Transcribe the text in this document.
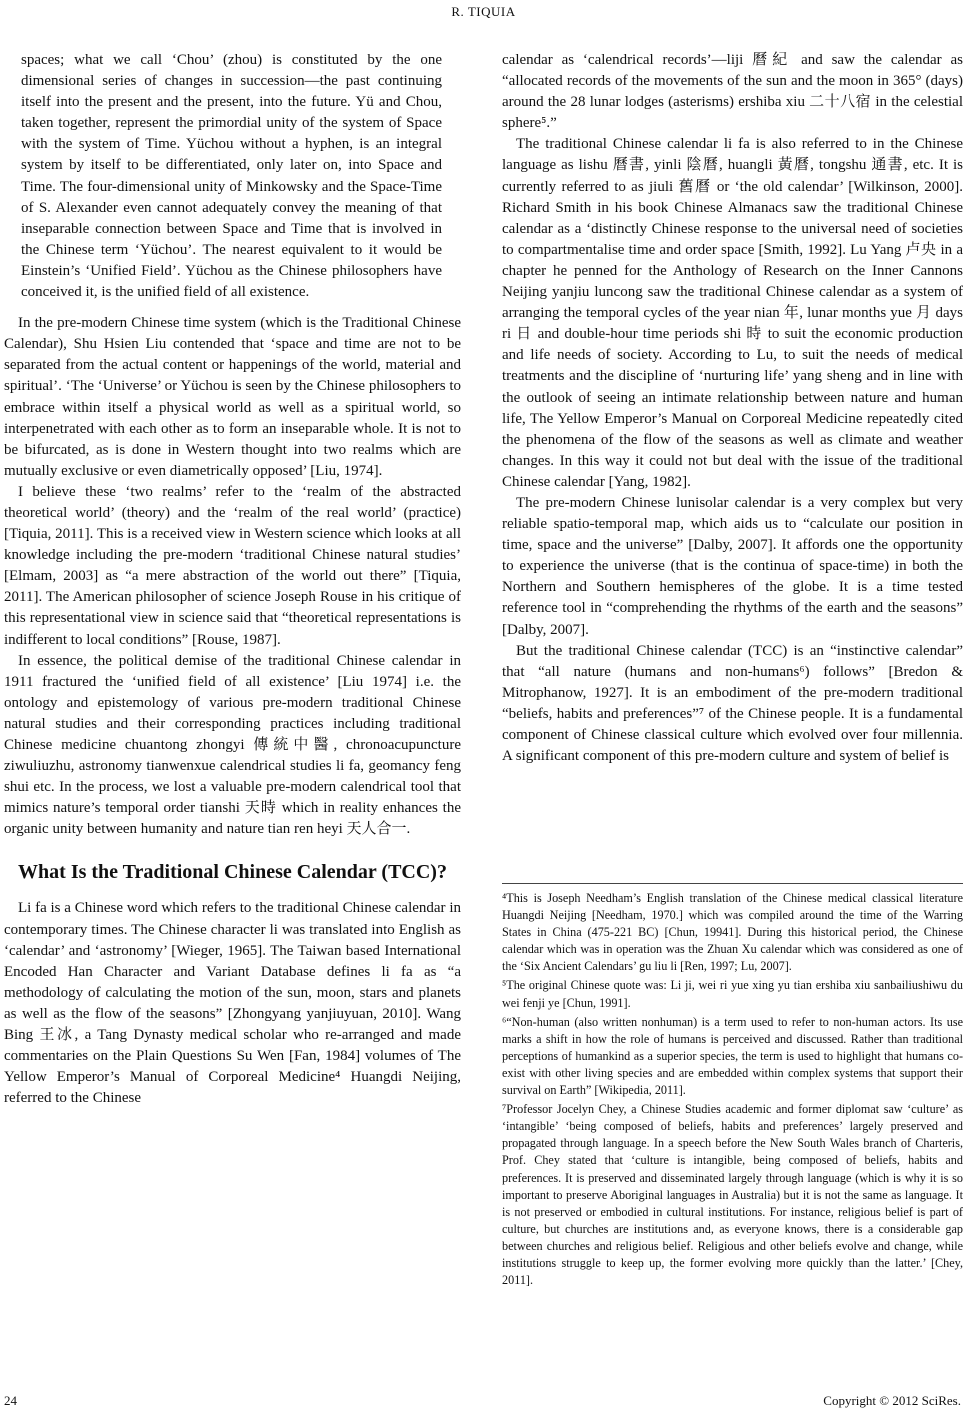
R. TIQUIA

spaces; what we call ‘Chou’ (zhou) is constituted by the one dimensional series of changes in succession—the past continuing itself into the present and the present, into the future. Yü and Chou, taken together, represent the primordial unity of the system of Space with the system of Time. Yüchou without a hyphen, is an integral system by itself to be differentiated, only later on, into Space and Time. The four-dimensional unity of Minkowsky and the Space-Time of S. Alexander even cannot adequately convey the meaning of that inseparable connection between Space and Time that is involved in the Chinese term ‘Yüchou’. The nearest equivalent to it would be Einstein’s ‘Unified Field’. Yüchou as the Chinese philosophers have conceived it, is the unified field of all existence.

In the pre-modern Chinese time system (which is the Traditional Chinese Calendar), Shu Hsien Liu contended that ‘space and time are not to be separated from the actual content or happenings of the world, material and spiritual’. ‘The ‘Universe’ or Yüchou is seen by the Chinese philosophers to embrace within itself a physical world as well as a spiritual world, so interpenetrated with each other as to form an inseparable whole. It is not to be bifurcated, as is done in Western thought into two realms which are mutually exclusive or even diametrically opposed’ [Liu, 1974].

I believe these ‘two realms’ refer to the ‘realm of the abstracted theoretical world’ (theory) and the ‘realm of the real world’ (practice) [Tiquia, 2011]. This is a received view in Western science which looks at all knowledge including the pre-modern ‘traditional Chinese natural studies’ [Elmam, 2003] as “a mere abstraction of the world out there” [Tiquia, 2011]. The American philosopher of science Joseph Rouse in his critique of this representational view in science said that “theoretical representations is indifferent to local conditions” [Rouse, 1987].

In essence, the political demise of the traditional Chinese calendar in 1911 fractured the ‘unified field of all existence’ [Liu 1974] i.e. the ontology and epistemology of various pre-modern traditional Chinese natural studies and their corresponding practices including traditional Chinese medicine chuantong zhongyi 傳統中醫, chronoacupuncture ziwuliuzhu, astronomy tianwenxue calendrical studies li fa, geomancy feng shui etc. In the process, we lost a valuable pre-modern calendrical tool that mimics nature’s temporal order tianshi 天時 which in reality enhances the organic unity between humanity and nature tian ren heyi 天人合一.

What Is the Traditional Chinese Calendar (TCC)?

Li fa is a Chinese word which refers to the traditional Chinese calendar in contemporary times. The Chinese character li was translated into English as ‘calendar’ and ‘astronomy’ [Wieger, 1965]. The Taiwan based International Encoded Han Character and Variant Database defines li fa as “a methodology of calculating the motion of the sun, moon, stars and planets as well as the flow of the seasons” [Zhongyang yanjiuyuan, 2010]. Wang Bing 王冰, a Tang Dynasty medical scholar who re-arranged and made commentaries on the Plain Questions Su Wen [Fan, 1984] volumes of The Yellow Emperor’s Manual of Corporeal Medicine⁴ Huangdi Neijing, referred to the Chinese

calendar as ‘calendrical records’—liji 曆紀 and saw the calendar as “allocated records of the movements of the sun and the moon in 365° (days) around the 28 lunar lodges (asterisms) ershiba xiu 二十八宿 in the celestial sphere⁵.”

The traditional Chinese calendar li fa is also referred to in the Chinese language as lishu 曆書, yinli 陰曆, huangli 黃曆, tongshu 通書, etc. It is currently referred to as jiuli 舊曆 or ‘the old calendar’ [Wilkinson, 2000]. Richard Smith in his book Chinese Almanacs saw the traditional Chinese calendar as a ‘distinctly Chinese response to the universal need of societies to compartmentalise time and order space [Smith, 1992]. Lu Yang 卢央 in a chapter he penned for the Anthology of Research on the Inner Cannons Neijing yanjiu luncong saw the traditional Chinese calendar as a system of arranging the temporal cycles of the year nian 年, lunar months yue 月 days ri 日 and double-hour time periods shi 時 to suit the economic production and life needs of society. According to Lu, to suit the needs of medical treatments and the discipline of ‘nurturing life’ yang sheng and in line with the outlook of seeing an intimate relationship between nature and human life, The Yellow Emperor’s Manual on Corporeal Medicine repeatedly cited the phenomena of the flow of the seasons as well as climate and weather changes. In this way it could not but deal with the issue of the traditional Chinese calendar [Yang, 1982].

The pre-modern Chinese lunisolar calendar is a very complex but very reliable spatio-temporal map, which aids us to “calculate our position in time, space and the universe” [Dalby, 2007]. It affords one the opportunity to experience the universe (that is the continua of space-time) in both the Northern and Southern hemispheres of the globe. It is a time tested reference tool in “comprehending the rhythms of the earth and the seasons” [Dalby, 2007].

But the traditional Chinese calendar (TCC) is an “instinctive calendar” that “all nature (humans and non-humans⁶) follows” [Bredon & Mitrophanow, 1927]. It is an embodiment of the pre-modern traditional “beliefs, habits and preferences”⁷ of the Chinese people. It is a fundamental component of Chinese classical culture which evolved over four millennia. A significant component of this pre-modern culture and system of belief is

⁴This is Joseph Needham’s English translation of the Chinese medical classical literature Huangdi Neijing [Needham, 1970.] which was compiled around the time of the Warring States in China (475-221 BC) [Chun, 19941]. During this historical period, the Chinese calendar which was in operation was the Zhuan Xu calendar which was considered as one of the ‘Six Ancient Calendars’ gu liu li [Ren, 1997; Lu, 2007].

⁵The original Chinese quote was: Li ji, wei ri yue xing yu tian ershiba xiu sanbailiushiwu du wei fenji ye [Chun, 1991].

⁶“Non-human (also written nonhuman) is a term used to refer to non-human actors. Its use marks a shift in how the role of humans is perceived and discussed. Rather than traditional perceptions of humankind as a superior species, the term is used to highlight that humans co-exist with other living species and are embedded within complex systems that support their survival on Earth” [Wikipedia, 2011].

⁷Professor Jocelyn Chey, a Chinese Studies academic and former diplomat saw ‘culture’ as ‘intangible’ ‘being composed of beliefs, habits and preferences’ largely preserved and propagated through language. In a speech before the New South Wales branch of Charteris, Prof. Chey stated that ‘culture is intangible, being composed of beliefs, habits and preferences. It is preserved and disseminated largely through language (which is why it is so important to preserve Aboriginal languages in Australia) but it is not the same as language. It is not preserved or embodied in cultural institutions. For instance, religious belief is part of culture, but churches are institutions and, as everyone knows, there is a considerable gap between churches and religious belief. Religious and other beliefs evolve and change, while institutions struggle to keep up, the former evolving more quickly than the latter.’ [Chey, 2011].

24	Copyright © 2012 SciRes.
